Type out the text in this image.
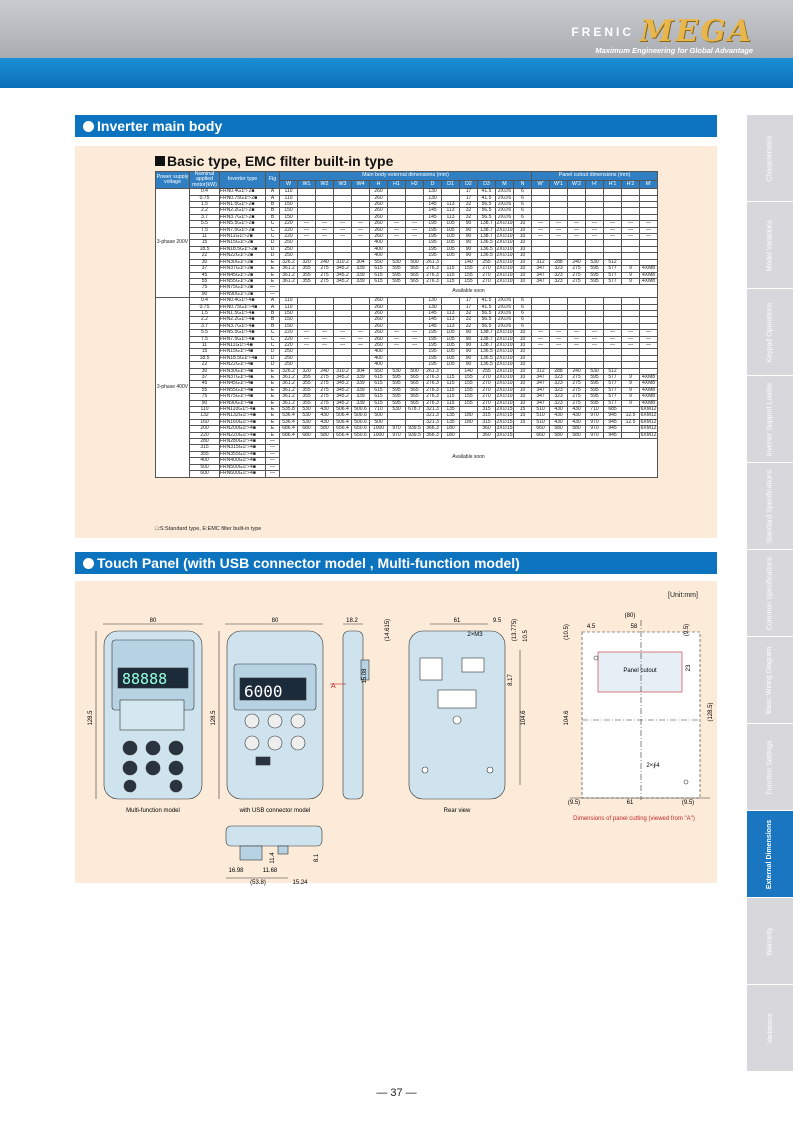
FRENIC MEGA
Maximum Engineering for Global Advantage
Inverter main body
Basic type, EMC filter built-in type
Power supply voltage	Nominal applied motor(kW)	Inverter type	Fig	Main body external dimensions (mm)														Panel cutout dimensions (mm)						
				W	W1	W2	W3	W4	H	H1	H2	D	D1	D2	D3	M	N	W'	W'1	W'2	H'	H'1	H'2	M'
3-phase 200V	0.4	FRN0.4G1□-2■	A	110					260			130		17	41.5	2X∅6	6							
	0.75	FRN0.75G1□-2■	A	110					260			130		17	41.5	2X∅6	6							
	1.5	FRN1.5G1□-2■	B	150					260			145	113	32	56.5	2X∅6	6							
	2.2	FRN2.2G1□-2■	B	150					260			145	113	32	56.5	2X∅6	6							
	3.7	FRN3.7G1□-2■	B	150					260			145	113	32	56.5	2X∅6	6							
	5.5	FRN5.5G1□-2■	C	220	—	—	—	—	260	—	—	195	105	90	138.7	2X∅10	10	—	—	—	—	—	—	—
	7.5	FRN7.5G1□-2■	C	220	—	—	—	—	260	—	—	195	105	90	138.7	2X∅10	10	—	—	—	—	—	—	—
	11	FRN11G1□-2■	C	220	—	—	—	—	260	—	—	195	105	90	138.7	2X∅10	10	—	—	—	—	—	—	—
	15	FRN15G1□-2■	D	250					400			195	105	90	136.5	2X∅10	10							
	18.5	FRN18.5G1□-2■	D	250					400			195	105	90	136.5	2X∅10	10							
	22	FRN22G1□-2■	D	250					400			195	105	90	136.5	2X∅10	10							
	30	FRN30G1□-2■	E	326.2	320	240	310.2	304	550	530	500	261.3		140	255	2X∅10	10	312	288	240	530	512		
	37	FRN37G1□-2■	E	361.2	355	275	345.2	339	615	595	565	276.3	115	155	270	2X∅10	10	347	323	275	595	577	9	4XM8
	45	FRN45G1□-2■	E	361.2	355	275	345.2	339	615	595	565	276.3	115	155	270	2X∅10	10	347	323	275	595	577	9	4XM8
	55	FRN55G1□-2■	E	361.2	355	275	345.2	339	615	595	565	276.3	115	155	270	2X∅10	10	347	323	275	595	577	9	4XM8
	75	FRN75G1□-2■	—	Available soon																				
	90	FRN90G1□-2■	—																					
3-phase 400V	0.4	FRN0.4G1□-4■	A	110					260			130		17	41.5	2X∅6	6							
	0.75	FRN0.75G1□-4■	A	110					260			130		17	41.5	2X∅6	6							
	1.5	FRN1.5G1□-4■	B	150					260			145	113	32	56.5	2X∅6	6							
	2.2	FRN2.2G1□-4■	B	150					260			145	113	32	56.5	2X∅6	6							
	3.7	FRN3.7G1□-4■	B	150					260			145	113	32	56.5	2X∅6	6							
	5.5	FRN5.5G1□-4■	C	220	—	—	—	—	260	—	—	195	105	90	138.7	2X∅10	10	—	—	—	—	—	—	—
	7.5	FRN7.5G1□-4■	C	220	—	—	—	—	260	—	—	195	105	90	138.7	2X∅10	10	—	—	—	—	—	—	—
	11	FRN11G1□-4■	C	220	—	—	—	—	260	—	—	195	105	90	138.7	2X∅10	10	—	—	—	—	—	—	—
	15	FRN15G1□-4■	D	250					400			195	105	90	136.5	2X∅10	10							
	18.5	FRN18.5G1□-4■	D	250					400			195	105	90	136.5	2X∅10	10							
	22	FRN22G1□-4■	D	250					400			195	105	90	136.5	2X∅10	10							
	30	FRN30G1□-4■	E	326.2	320	240	310.2	304	550	530	500	261.3		140	255	2X∅10	10	312	288	240	530	512		
	37	FRN37G1□-4■	E	361.2	355	275	345.2	339	615	595	565	276.3	115	155	270	2X∅10	10	347	323	275	595	577	9	4XM8
	45	FRN45G1□-4■	E	361.2	355	275	345.2	339	615	595	565	276.3	115	155	270	2X∅10	10	347	323	275	595	577	9	4XM8
	55	FRN55G1□-4■	E	361.2	355	275	345.2	339	615	595	565	276.3	115	155	270	2X∅10	10	347	323	275	595	577	9	4XM8
	75	FRN75G1□-4■	E	361.2	355	275	345.2	339	615	595	565	276.3	115	155	270	2X∅10	10	347	323	275	595	577	9	4XM8
	90	FRN90G1□-4■	E	361.2	355	275	345.2	339	615	595	565	276.3	115	155	270	2X∅10	10	347	323	275	595	577	9	4XM8
	110	FRN110G1□-4■	E	535.8	530	430	506.4	500.6	710	530	678.7	321.3	135		315	2X∅15	15	510	430	430	710	685		6XM12
	132	FRN132G1□-4■	E	536.4	530	430	506.4	500.6	500			321.3	135	180	315	2X∅15	15	510	430	430	970	945	12.5	6XM12
	160	FRN160G1□-4■	E	536.4	530	430	506.4	500.6	500			321.3	135	180	315	2X∅15	15	510	430	430	970	945	12.5	6XM12
	200	FRN200G1□-4■	E	686.4	680	580	656.4	650.6	1000	970	939.5	366.3	180		360	3X∅15		660	580	580	970	945		6XM12
	220	FRN220G1□-4■	E	686.4	680	580	656.4	650.6	1000	970	939.5	366.3	180		360	3X∅15		660	580	580	970	945		6XM12
	280	FRN280G1□-4■	—	Available soon																				
	315	FRN315G1□-4■	—																					
	355	FRN355G1□-4■	—																					
	400	FRN400G1□-4■	—																					
	500	FRN500G1□-4■	—																					
	600	FRN600G1□-4■	—																					
□:S:Standard type, E:EMC filter built-in type
Touch Panel (with USB connector model , Multi-function model)
[Unit:mm]
80
88888
128.5
Multi-function model
80
6000
128.5
with USB connector model
18.2	(14.615)
15.08
A
61	9.5
2×M3	(13.775) 10.5
8.17
104.6
Rear view
(80)
58
4.5	(9.5)
(10.5)
23
104.6	(128.5)
Panel cutout
2×∮4
(9.5)	61	(9.5)
Dimensions of panel cutting (viewed from "A")
16.98	11.68
(53.8)	15.24
11.4	8.1
Characteristics
Model Variations
Keypad Operations
Inverter Support Loader
Standard Specifications
Common Specifications
Basic Wiring Diagram
Function Settings
External Dimensions
Warranty
Variations
— 37 —
